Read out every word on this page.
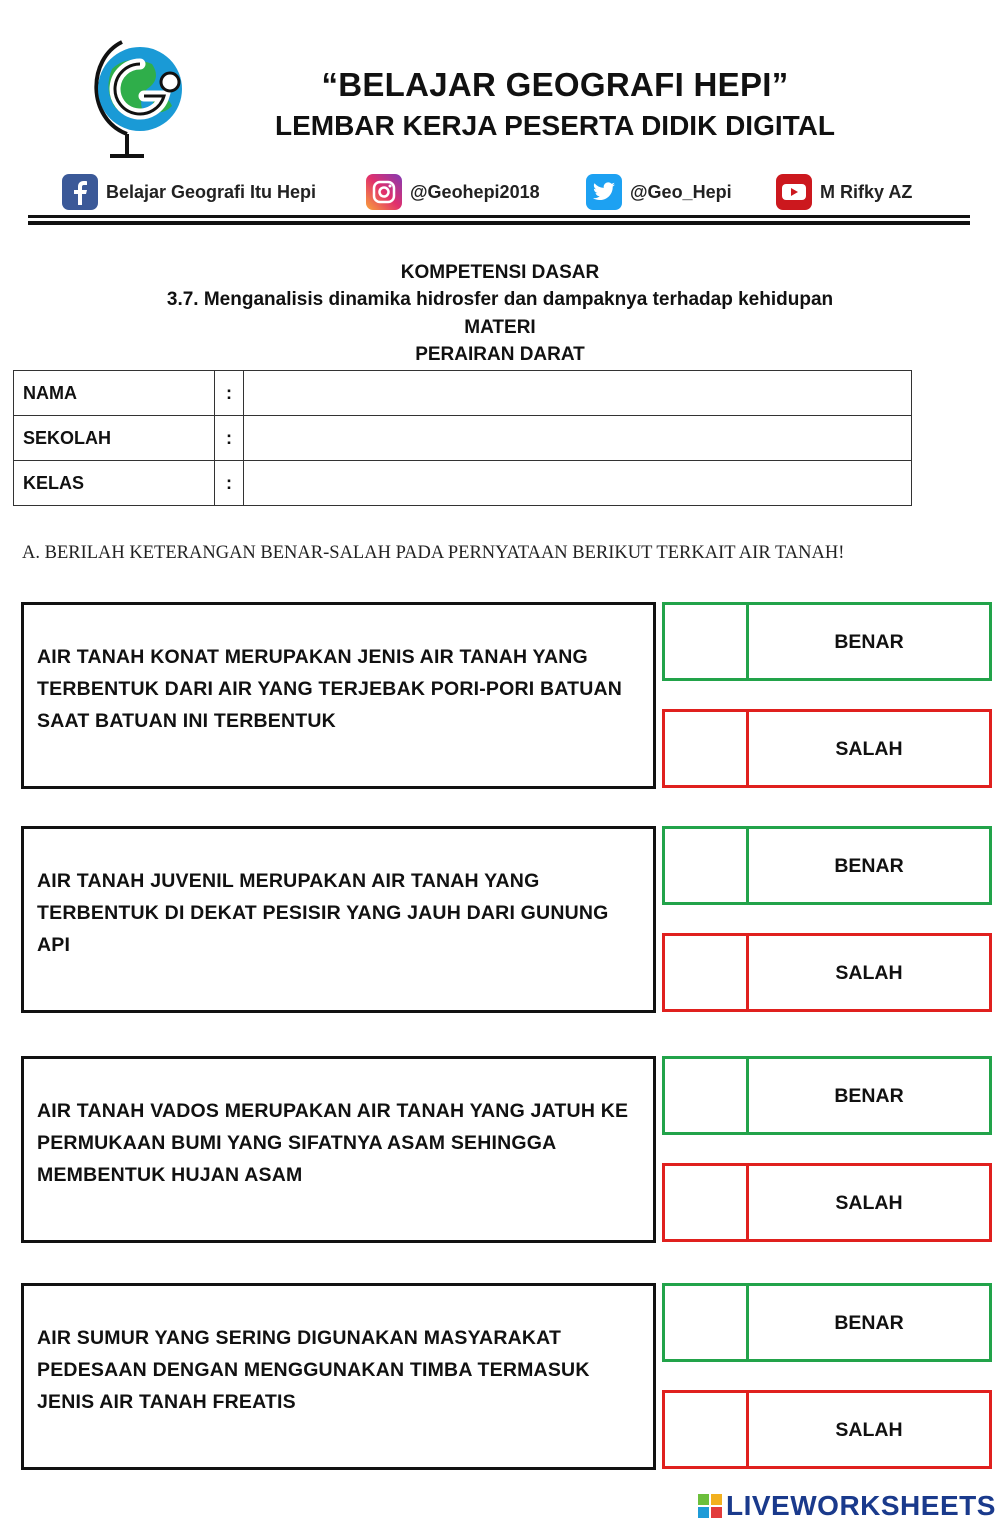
“BELAJAR GEOGRAFI HEPI”
LEMBAR KERJA PESERTA DIDIK DIGITAL
Belajar Geografi Itu Hepi	@Geohepi2018	@Geo_Hepi	M Rifky AZ
KOMPETENSI DASAR
3.7. Menganalisis dinamika hidrosfer dan dampaknya terhadap kehidupan
MATERI
PERAIRAN DARAT
NAMA	:	
SEKOLAH	:	
KELAS	:	
A. BERILAH KETERANGAN BENAR-SALAH PADA PERNYATAAN BERIKUT TERKAIT AIR TANAH!
AIR TANAH KONAT MERUPAKAN JENIS AIR TANAH YANG TERBENTUK DARI AIR YANG TERJEBAK PORI-PORI BATUAN SAAT BATUAN INI TERBENTUK
BENAR
SALAH
AIR TANAH JUVENIL MERUPAKAN AIR TANAH YANG TERBENTUK DI DEKAT PESISIR YANG JAUH DARI GUNUNG API
BENAR
SALAH
AIR TANAH VADOS MERUPAKAN AIR TANAH YANG JATUH KE PERMUKAAN BUMI YANG SIFATNYA ASAM SEHINGGA MEMBENTUK HUJAN ASAM
BENAR
SALAH
AIR SUMUR YANG SERING DIGUNAKAN MASYARAKAT PEDESAAN DENGAN MENGGUNAKAN TIMBA TERMASUK JENIS AIR TANAH FREATIS
BENAR
SALAH
LIVEWORKSHEETS
